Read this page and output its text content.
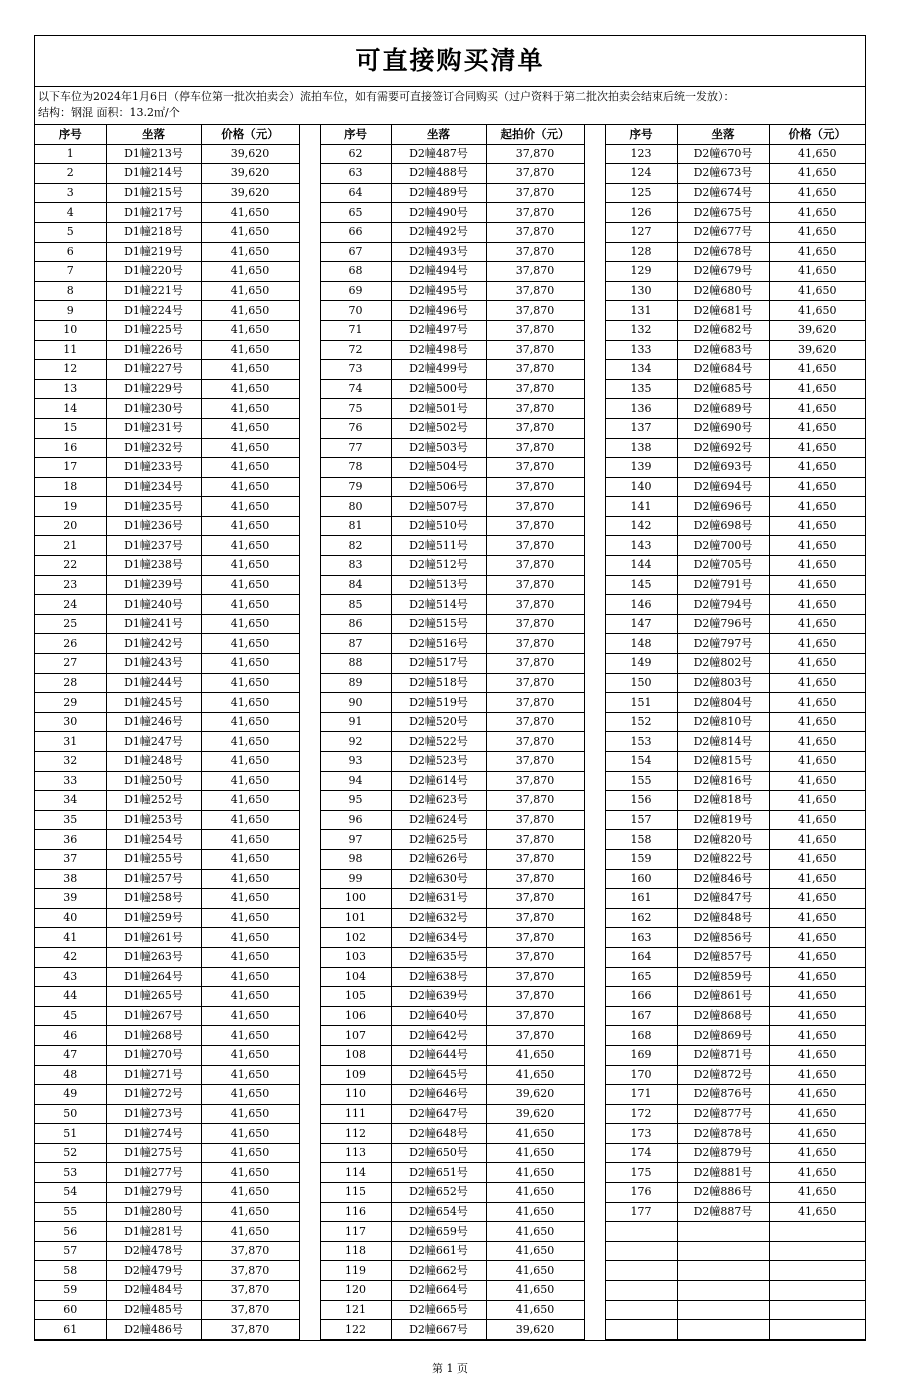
可直接购买清单
以下车位为2024年1月6日（停车位第一批次拍卖会）流拍车位，如有需要可直接签订合同购买（过户资料于第二批次拍卖会结束后统一发放）：
结构：钢混 面积：13.2㎡/个
序号	坐落	价格（元）		序号	坐落	起拍价（元）		序号	坐落	价格（元）
1	D1幢213号	39,620		62	D2幢487号	37,870		123	D2幢670号	41,650
2	D1幢214号	39,620		63	D2幢488号	37,870		124	D2幢673号	41,650
3	D1幢215号	39,620		64	D2幢489号	37,870		125	D2幢674号	41,650
4	D1幢217号	41,650		65	D2幢490号	37,870		126	D2幢675号	41,650
5	D1幢218号	41,650		66	D2幢492号	37,870		127	D2幢677号	41,650
6	D1幢219号	41,650		67	D2幢493号	37,870		128	D2幢678号	41,650
7	D1幢220号	41,650		68	D2幢494号	37,870		129	D2幢679号	41,650
8	D1幢221号	41,650		69	D2幢495号	37,870		130	D2幢680号	41,650
9	D1幢224号	41,650		70	D2幢496号	37,870		131	D2幢681号	41,650
10	D1幢225号	41,650		71	D2幢497号	37,870		132	D2幢682号	39,620
11	D1幢226号	41,650		72	D2幢498号	37,870		133	D2幢683号	39,620
12	D1幢227号	41,650		73	D2幢499号	37,870		134	D2幢684号	41,650
13	D1幢229号	41,650		74	D2幢500号	37,870		135	D2幢685号	41,650
14	D1幢230号	41,650		75	D2幢501号	37,870		136	D2幢689号	41,650
15	D1幢231号	41,650		76	D2幢502号	37,870		137	D2幢690号	41,650
16	D1幢232号	41,650		77	D2幢503号	37,870		138	D2幢692号	41,650
17	D1幢233号	41,650		78	D2幢504号	37,870		139	D2幢693号	41,650
18	D1幢234号	41,650		79	D2幢506号	37,870		140	D2幢694号	41,650
19	D1幢235号	41,650		80	D2幢507号	37,870		141	D2幢696号	41,650
20	D1幢236号	41,650		81	D2幢510号	37,870		142	D2幢698号	41,650
21	D1幢237号	41,650		82	D2幢511号	37,870		143	D2幢700号	41,650
22	D1幢238号	41,650		83	D2幢512号	37,870		144	D2幢705号	41,650
23	D1幢239号	41,650		84	D2幢513号	37,870		145	D2幢791号	41,650
24	D1幢240号	41,650		85	D2幢514号	37,870		146	D2幢794号	41,650
25	D1幢241号	41,650		86	D2幢515号	37,870		147	D2幢796号	41,650
26	D1幢242号	41,650		87	D2幢516号	37,870		148	D2幢797号	41,650
27	D1幢243号	41,650		88	D2幢517号	37,870		149	D2幢802号	41,650
28	D1幢244号	41,650		89	D2幢518号	37,870		150	D2幢803号	41,650
29	D1幢245号	41,650		90	D2幢519号	37,870		151	D2幢804号	41,650
30	D1幢246号	41,650		91	D2幢520号	37,870		152	D2幢810号	41,650
31	D1幢247号	41,650		92	D2幢522号	37,870		153	D2幢814号	41,650
32	D1幢248号	41,650		93	D2幢523号	37,870		154	D2幢815号	41,650
33	D1幢250号	41,650		94	D2幢614号	37,870		155	D2幢816号	41,650
34	D1幢252号	41,650		95	D2幢623号	37,870		156	D2幢818号	41,650
35	D1幢253号	41,650		96	D2幢624号	37,870		157	D2幢819号	41,650
36	D1幢254号	41,650		97	D2幢625号	37,870		158	D2幢820号	41,650
37	D1幢255号	41,650		98	D2幢626号	37,870		159	D2幢822号	41,650
38	D1幢257号	41,650		99	D2幢630号	37,870		160	D2幢846号	41,650
39	D1幢258号	41,650		100	D2幢631号	37,870		161	D2幢847号	41,650
40	D1幢259号	41,650		101	D2幢632号	37,870		162	D2幢848号	41,650
41	D1幢261号	41,650		102	D2幢634号	37,870		163	D2幢856号	41,650
42	D1幢263号	41,650		103	D2幢635号	37,870		164	D2幢857号	41,650
43	D1幢264号	41,650		104	D2幢638号	37,870		165	D2幢859号	41,650
44	D1幢265号	41,650		105	D2幢639号	37,870		166	D2幢861号	41,650
45	D1幢267号	41,650		106	D2幢640号	37,870		167	D2幢868号	41,650
46	D1幢268号	41,650		107	D2幢642号	37,870		168	D2幢869号	41,650
47	D1幢270号	41,650		108	D2幢644号	41,650		169	D2幢871号	41,650
48	D1幢271号	41,650		109	D2幢645号	41,650		170	D2幢872号	41,650
49	D1幢272号	41,650		110	D2幢646号	39,620		171	D2幢876号	41,650
50	D1幢273号	41,650		111	D2幢647号	39,620		172	D2幢877号	41,650
51	D1幢274号	41,650		112	D2幢648号	41,650		173	D2幢878号	41,650
52	D1幢275号	41,650		113	D2幢650号	41,650		174	D2幢879号	41,650
53	D1幢277号	41,650		114	D2幢651号	41,650		175	D2幢881号	41,650
54	D1幢279号	41,650		115	D2幢652号	41,650		176	D2幢886号	41,650
55	D1幢280号	41,650		116	D2幢654号	41,650		177	D2幢887号	41,650
56	D1幢281号	41,650		117	D2幢659号	41,650				
57	D2幢478号	37,870		118	D2幢661号	41,650				
58	D2幢479号	37,870		119	D2幢662号	41,650				
59	D2幢484号	37,870		120	D2幢664号	41,650				
60	D2幢485号	37,870		121	D2幢665号	41,650				
61	D2幢486号	37,870		122	D2幢667号	39,620				
第 1 页
